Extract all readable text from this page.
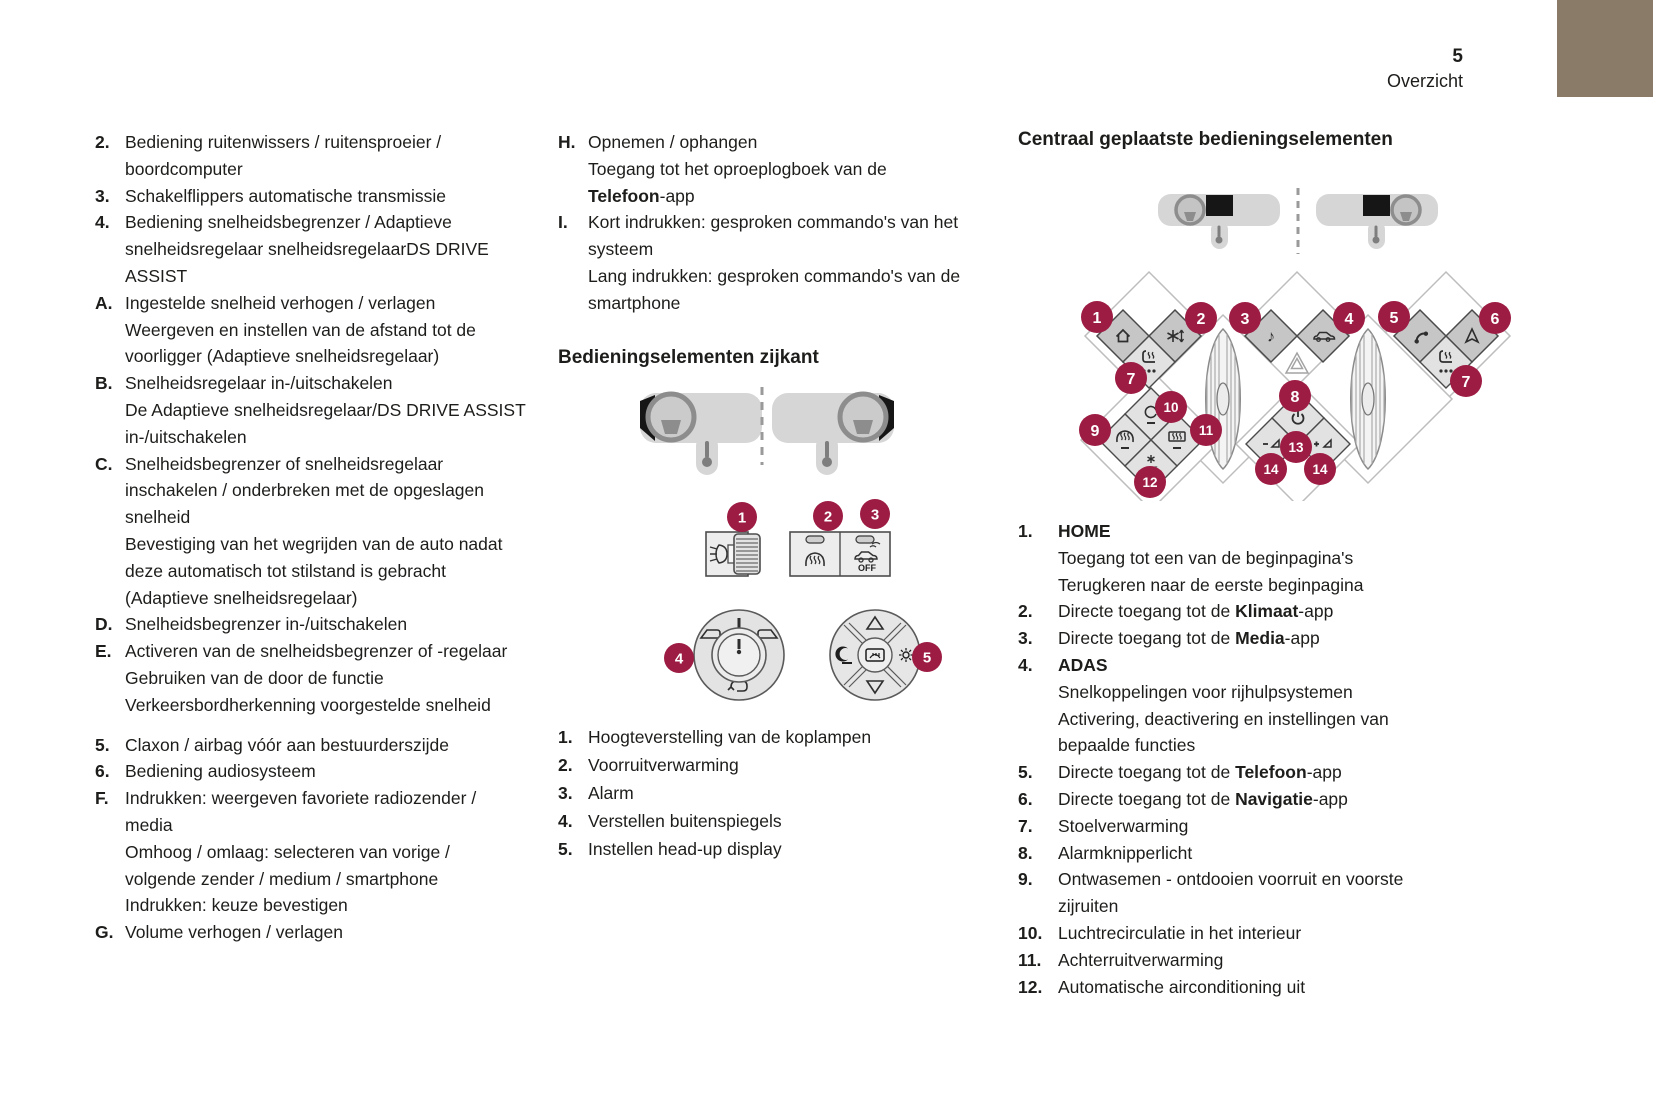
5
Overzicht
2. Bediening ruitenwissers / ruitensproeier /
boordcomputer
3. Schakelflippers automatische transmissie
4. Bediening snelheidsbegrenzer / Adaptieve
snelheidsregelaar snelheidsregelaarDS DRIVE
ASSIST
A. Ingestelde snelheid verhogen / verlagen
Weergeven en instellen van de afstand tot de
voorligger (Adaptieve snelheidsregelaar)
B. Snelheidsregelaar in-/uitschakelen
De Adaptieve snelheidsregelaar/DS DRIVE ASSIST
in-/uitschakelen
C. Snelheidsbegrenzer of snelheidsregelaar
inschakelen / onderbreken met de opgeslagen
snelheid
Bevestiging van het wegrijden van de auto nadat
deze automatisch tot stilstand is gebracht
(Adaptieve snelheidsregelaar)
D. Snelheidsbegrenzer in-/uitschakelen
E. Activeren van de snelheidsbegrenzer of -regelaar
Gebruiken van de door de functie
Verkeersbordherkenning voorgestelde snelheid
5. Claxon / airbag vóór aan bestuurderszijde
6. Bediening audiosysteem
F. Indrukken: weergeven favoriete radiozender /
media
Omhoog / omlaag: selecteren van vorige /
volgende zender / medium / smartphone
Indrukken: keuze bevestigen
G. Volume verhogen / verlagen
H. Opnemen / ophangen
Toegang tot het oproeplogboek van de
Telefoon-app
I.	Kort indrukken: gesproken commando's van het
systeem
Lang indrukken: gesproken commando's van de
smartphone
Bedieningselementen zijkant
OFF
1	2	3
4	5
1. Hoogteverstelling van de koplampen
2. Voorruitverwarming
3. Alarm
4. Verstellen buitenspiegels
5. Instellen head-up display
Centraal geplaatste bedieningselementen
♪
1	2 3	4 5	6
7	7
8
9
10
11
12
13
14	14
1.	HOME
Toegang tot een van de beginpagina's
Terugkeren naar de eerste beginpagina
2.	Directe toegang tot de Klimaat-app
3.	Directe toegang tot de Media-app
4.	ADAS
Snelkoppelingen voor rijhulpsystemen
Activering, deactivering en instellingen van
bepaalde functies
5.	Directe toegang tot de Telefoon-app
6.	Directe toegang tot de Navigatie-app
7.	Stoelverwarming
8.	Alarmknipperlicht
9.	Ontwasemen - ontdooien voorruit en voorste
zijruiten
10. Luchtrecirculatie in het interieur
11. Achterruitverwarming
12. Automatische airconditioning uit
